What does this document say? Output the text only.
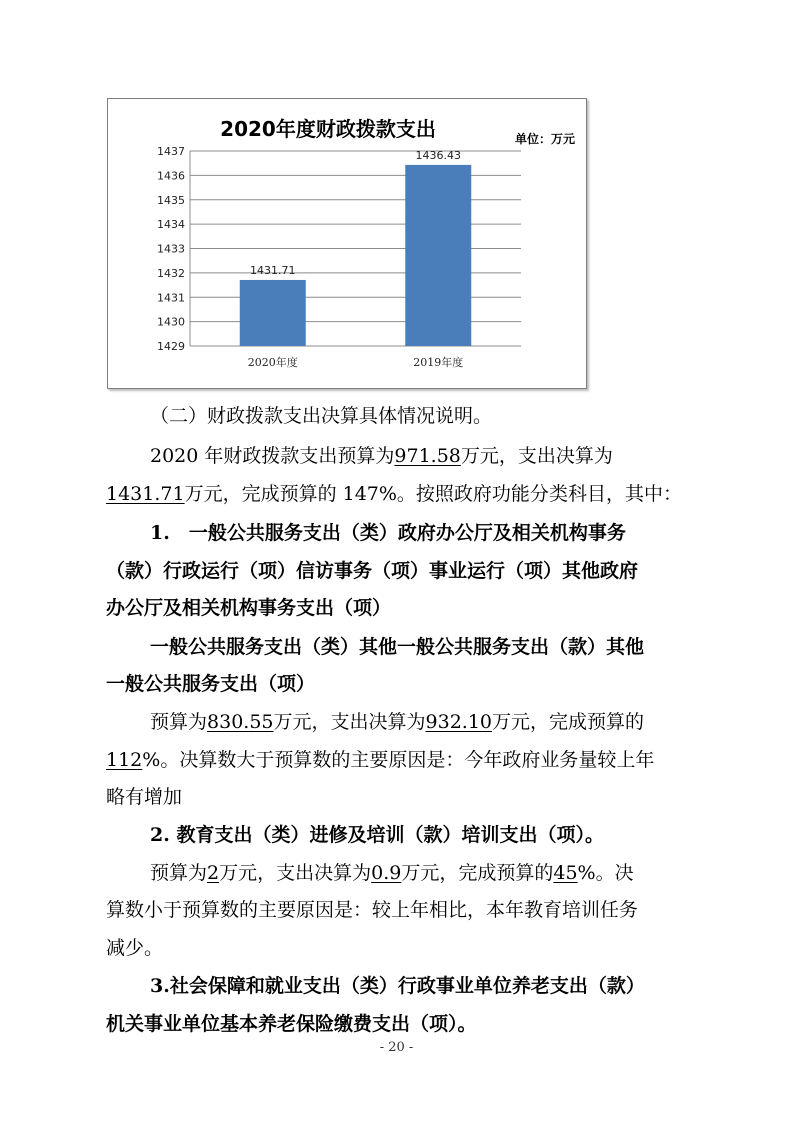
2020年度财政拨款支出	单位：万元
1429
1430
1431
1432
1433
1434
1435
1436
1437
1431.71
1436.43
2020年度	2019年度
（二）财政拨款支出决算具体情况说明。
2020 年财政拨款支出预算为971.58万元，支出决算为
1431.71万元，完成预算的 147%。按照政府功能分类科目，其中：
1.　一般公共服务支出（类）政府办公厅及相关机构事务
（款）行政运行（项）信访事务（项）事业运行（项）其他政府
办公厅及相关机构事务支出（项）
一般公共服务支出（类）其他一般公共服务支出（款）其他
一般公共服务支出（项）
预算为830.55万元，支出决算为932.10万元，完成预算的
112%。决算数大于预算数的主要原因是：今年政府业务量较上年
略有增加
2. 教育支出（类）进修及培训（款）培训支出（项）。
预算为2万元，支出决算为0.9万元，完成预算的45%。决
算数小于预算数的主要原因是：较上年相比，本年教育培训任务
减少。
3.社会保障和就业支出（类）行政事业单位养老支出（款）
机关事业单位基本养老保险缴费支出（项）。
- 20 -
